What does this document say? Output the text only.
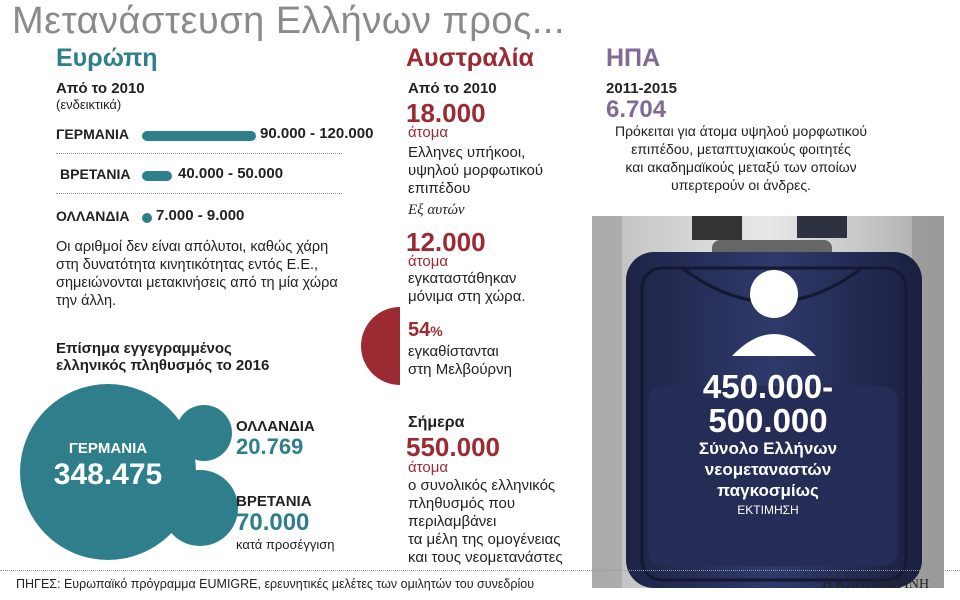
Μετανάστευση Ελλήνων προς...
Ευρώπη
Από το 2010
(ενδεικτικά)
ΓΕΡΜΑΝΙΑ	90.000 - 120.000
ΒΡΕΤΑΝΙΑ	40.000 - 50.000
ΟΛΛΑΝΔΙΑ 7.000 - 9.000
Οι αριθμοί δεν είναι απόλυτοι, καθώς χάρη
στη δυνατότητα κινητικότητας εντός Ε.Ε.,
σημειώνονται μετακινήσεις από τη μία χώρα
την άλλη.
Επίσημα εγγεγραμμένος
ελληνικός πληθυσμός το 2016
ΓΕΡΜΑΝΙΑ
348.475
ΟΛΛΑΝΔΙΑ
20.769
ΒΡΕΤΑΝΙΑ
70.000
κατά προσέγγιση
Αυστραλία
Από το 2010
18.000
άτομα
Ελληνες υπήκοοι,
υψηλού μορφωτικού
επιπέδου
Εξ αυτών
12.000
άτομα
εγκαταστάθηκαν
μόνιμα στη χώρα.
54%
εγκαθίστανται
στη Μελβούρνη
Σήμερα
550.000
άτομα
ο συνολικός ελληνικός
πληθυσμός που
περιλαμβάνει
τα μέλη της ομογένειας
και τους νεομετανάστες
ΗΠΑ
2011-2015
6.704
Πρόκειται για άτομα υψηλού μορφωτικού
επιπέδου, μεταπτυχιακούς φοιτητές
και ακαδημαϊκούς μεταξύ των οποίων
υπερτερούν οι άνδρες.
450.000-
500.000
Σύνολο Ελλήνων
νεομεταναστών
παγκοσμίως
ΕΚΤΙΜΗΣΗ
ΠΗΓΕΣ: Ευρωπαϊκό πρόγραμμα EUMIGRE, ερευνητικές μελέτες των ομιλητών του συνεδρίου	Η ΚΑΘΗΜΕΡΙΝΗ
